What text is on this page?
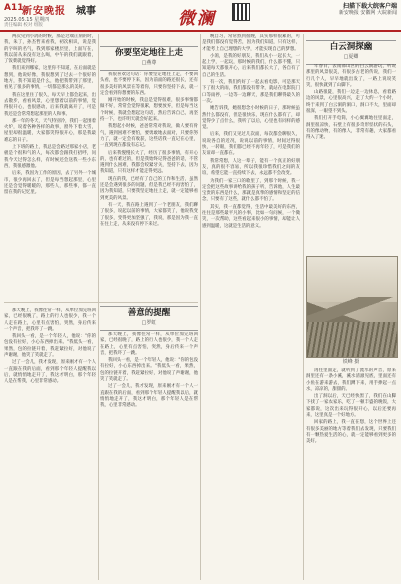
A11
新安晚报 城事
2025.05.15 星期四
责任编辑 校对 组版	微澜
扫描下载大皖客户端
新安晚报 安徽网 大皖新闻

两次见到小鸽的时候，那是过端正刻的时，我，朱丁，孙杰哲来看我，初次相识，说是我的字叫的名气，我到那家楼层里，上面写在，我以前从来没有这么喝，中午的我们就跟着，了饭菜就觉得好。

我们来到哪家，这里你不知道，在后面就是想到，他说好像，我很想到了过去一个很好的地方，我不知道是什么，他把我带到了那里，看见了很多的事情，一切都是那么的美好。

我在这里住了很久，每天早上都会起来，出去散步，看看风景，心里想着以前的事情，觉得很开心，也很感动，后来我就离开了，可是我还是会常常想起那里的人和事。

那一年的冬天，天气特别冷，我们一起围着火炉，说着各种各样的故事，窗外下着大雪，屋里却很温暖，大家都笑得很开心，那是我最难忘的日子。

上下班的路上，我总是会路过那家小店，老板是个很和气的人，每次都会跟我打招呼，问我今天过得怎么样，有时候还会送我一些小东西，我很感激他。

后来，我因为工作的原因，去了另外一个城市，很少再回去了，但是每当想起那里，心里还是会觉得暖暖的，那些人，那些事，都一直留在我的记忆里。

善意的提醒
□罗虹

那天晚上，我像往常一样，从单位加完班回家，已经很晚了，路上的行人也很少，我一个人走在路上，心里有点害怕，突然，身后传来一个声音，把我吓了一跳。

我回头一看，是一个年轻人，他说："你的包没有拉好，小心东西掉出来。"我低头一看，果然，包的拉链开着，我赶紧拉好，对他说了声谢谢，他笑了笑就走了。

过了一会儿，我才发现，原来刚才有一个人一直跟在我的后面，看到那个年轻人提醒我以后，就悄悄地走开了，我这才明白，那个年轻人是在帮我，心里非常感动。

那天晚上，我像往常一样，从单位加完班回家，已经很晚了，路上的行人也很少，我一个人走在路上，心里有点害怕，突然，身后传来一个声音，把我吓了一跳。

我回头一看，是一个年轻人，他说："你的包没有拉好，小心东西掉出来。"我低头一看，果然，包的拉链开着，我赶紧拉好，对他说了声谢谢，他笑了笑就走了。

过了一会儿，我才发现，原来刚才有一个人一直跟在我的后面，看到那个年轻人提醒我以后，就悄悄地走开了，我这才明白，那个年轻人是在帮我，心里非常感动。

你要坚定地往上走
□燕尊

我很喜欢这句话：你要坚定地往上走，不要回头看，也不要停下来，因为前面的路还很长，还有很多美好的风景在等着你，只要你坚持下去，就一定会看到你想要的东西。

刚开始的时候，我总是觉得很难，很多事情都做不好，常常会觉得很累，想要放弃，但是每当这个时候，我就会想起这句话，然后告诉自己，再坚持一下，也许明天就会好起来。

我想起小时候，爸爸常常对我说，做人要有骨气，遇到困难不要怕，要勇敢地去面对，只要你努力了，就一定会有收获，这些话我一直记在心里，一直到现在都没有忘记。

后来我慢慢长大了，经历了很多事情，有开心的，也有难过的，但是我始终记得爸爸的话，不管遇到什么困难，我都会咬紧牙关，坚持下去，因为我知道，只有这样才能走得更远。

现在的我，已经有了自己的工作和生活，虽然还是会遇到很多的问题，但是我已经不再害怕了，因为我知道，只要我坚定地往上走，就一定能够看到更美的风景。

有一天，我在路上遇到了一个老朋友，我们聊了很多，说起以前的事情，大家都笑了，他说我变了很多，变得更加坚强了，我说，那是因为我一直在往上走，从来没有停下来过。

晚自习，常常熬到很晚，其实那样很累的，可是我们都没有觉得苦，因为我们知道，只有这样，才能考上自己理想的大学，才能实现自己的梦想。

小鸽，是我的好朋友，我们从小一起长大，一起上学，一起玩，那时候的我们，什么都不懂，只知道每天都很开心，后来我们都长大了，各自有了自己的生活。

有一次，我们约好了一起去看电影，可是那天下了很大的雨，我们都没有带伞，就站在电影院门口等雨停，一边等一边聊天，那是我们聊得最久的一次。

她告诉我，她很想念小时候的日子，那时候虽然什么都没有，但是很快乐，现在什么都有了，却觉得少了点什么，我听了以后，心里也有同样的感觉。

后来，我们又见过几次面，每次都会聊很久，说说各自的近况，说说以前的事情，时间过得很快，一转眼，我们都已经不再年轻了，可是我们的友谊却一直都在。

我常常想，人这一辈子，能有一个真正的好朋友，真的很不容易，所以我很珍惜我们之间的友谊，希望它能一直持续下去，永远都不会改变。

为我们一家三口的歌里了，到那个时候，我一定会把这些故事讲给我的孩子听，告诉他，人生最宝贵的东西是什么，那就是真挚的感情和坚定的信念，只要有了这些，就什么都不怕了。

其实，我一直都觉得，生活中最美好的东西，往往是那些最平凡的小事，比如一句问候，一个微笑，一次帮助，这些看起来很小的事情，却能让人感到温暖，这就是生活的意义。

白云洞探幽
□夏卿

年春日，去南部山区的白云洞游玩，听说那里的风景很美，有很多古老的传说，我们一行几个人，早早地就出发了，一路上说说笑笑，很快就到了山脚下。

山路很陡，我们一边走一边休息，看着路边的风景，心里很高兴，走了大约一个小时，终于来到了白云洞的洞口，洞口不大，里面却很深，一眼望不到头。

我们打开手电筒，小心翼翼地往里面走，洞里很凉快，石壁上有很多奇形怪状的石头，有的像动物，有的像人，非常有趣，大家都看得入了迷。

铁峰 摄

再往里面走，就听到了流水的声音，原来洞里还有一条小溪，溪水清澈见底，里面还有小鱼在游来游去，我们蹲下来，用手捧起一点水，凉凉的，甜甜的。

出了洞以后，天已经快黑了，我们在山脚下找了一家农家乐，吃了一顿丰盛的晚饭，大家都说，这次出来玩得很开心，以后还要再来，这里真是一个好地方。

回家的路上，我一直在想，这个世界上还有很多美丽的地方等着我们去发现，只要我们有一颗热爱生活的心，就一定能够看到更多的美好。
